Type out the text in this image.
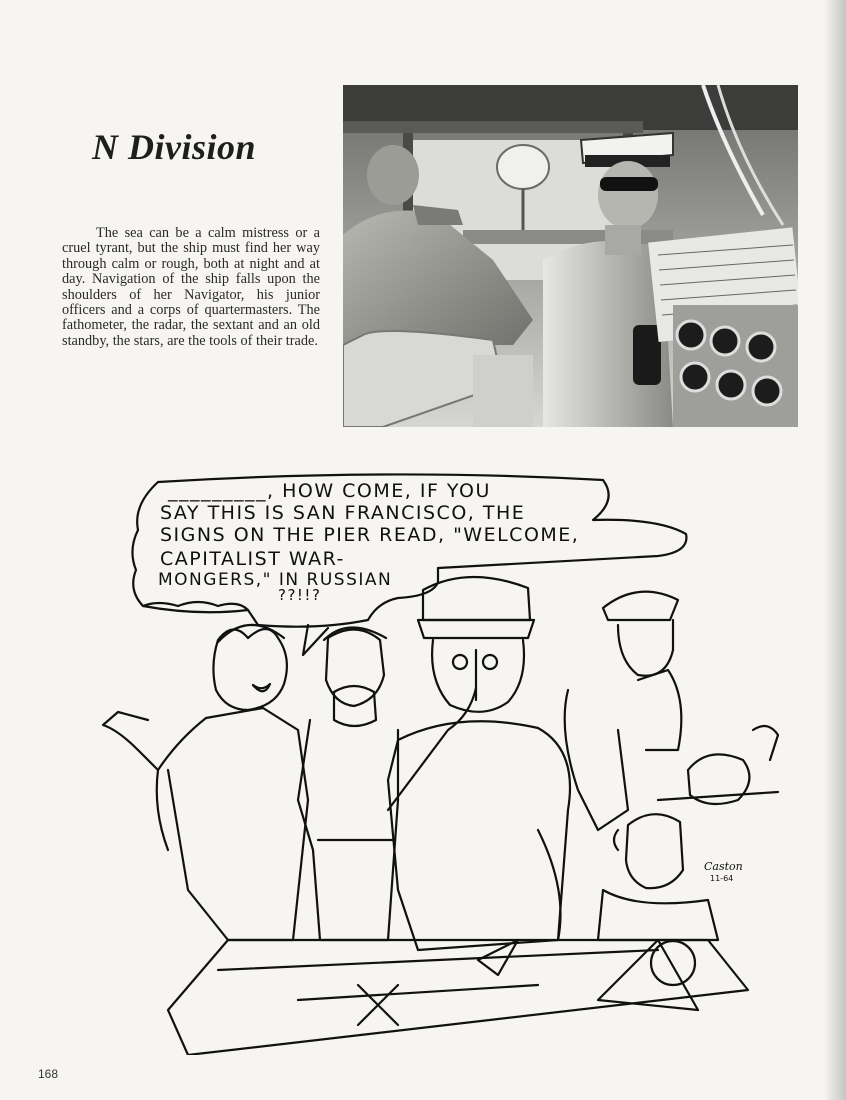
N Division

The sea can be a calm mistress or a cruel tyrant, but the ship must find her way through calm or rough, both at night and at day. Navigation of the ship falls upon the shoulders of her Navigator, his junior officers and a corps of quartermasters. The fathometer, the radar, the sextant and an old standby, the stars, are the tools of their trade.

_________, HOW COME, IF YOU
SAY THIS IS SAN FRANCISCO, THE
SIGNS ON THE PIER READ, "WELCOME,
CAPITALIST WAR-
MONGERS," IN RUSSIAN
??!!?
Caston
11-64

168
